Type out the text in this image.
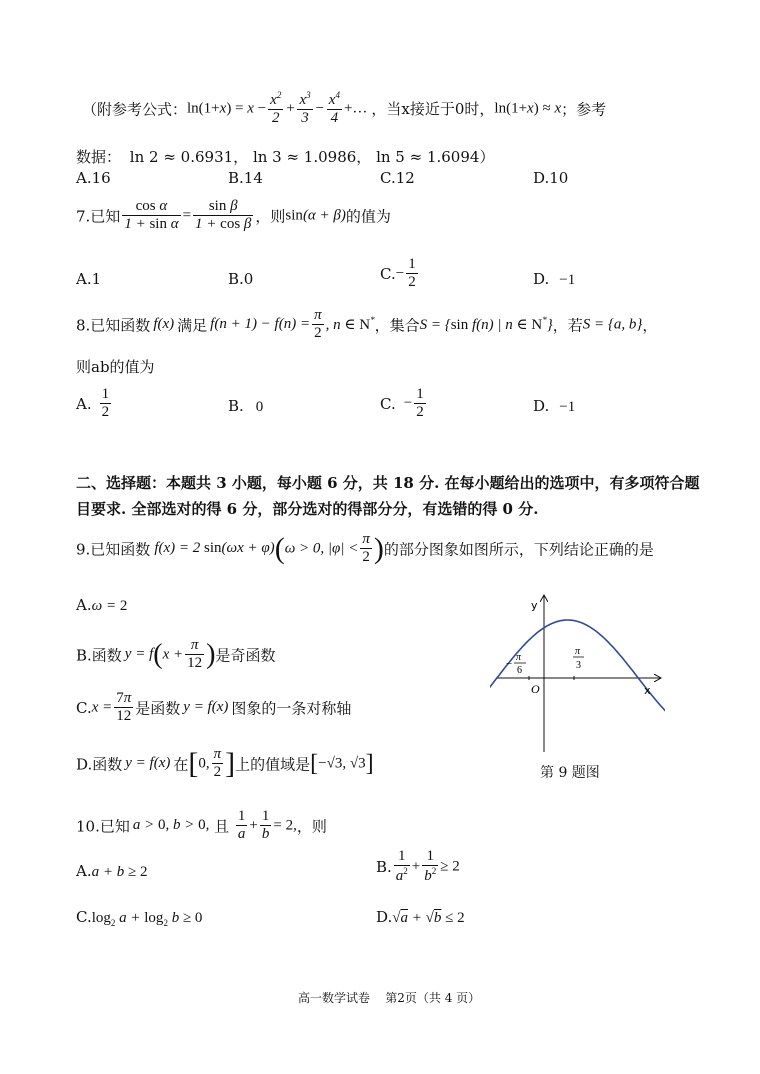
（附参考公式：$\ln(1+x) = x - \frac{x^2}{2} + \frac{x^3}{3} - \frac{x^4}{4}$ +… ，当x接近于0时，ln(1+x) ≈ x；参考
数据： ln 2 ≈ 0.6931， ln 3 ≈ 1.0986， ln 5 ≈ 1.6094）
A.16	B.14	C.12	D.10
7.已知 $\frac{\text{cos α}}{\text{1 + sin α}} = \frac{\text{sin β}}{\text{1 + cos β}}$ ，则sin(α + β)的值为
A.1	B.0	$C.- \frac{1}{2}$	D. −1
8.已知函数 f(x) 满足 $f(n + 1) - f(n) = \frac{\pi}{2}$ , n ∈ N*，集合S = {sin f(n) | n ∈ N*}，若S = {a, b}，
则ab的值为
A. $\frac{1}{2}$	B. 0	C. − $\frac{1}{2}$	D. −1
二、选择题：本题共 3 小题，每小题 6 分，共 18 分. 在每小题给出的选项中，有多项符合题
目要求. 全部选对的得 6 分，部分选对的得部分分，有选错的得 0 分.
9.已知函数 f(x) = 2 sin(ωx + φ)(ω > 0, $|\varphi| < \frac{\pi}{2}$ )的部分图象如图所示，下列结论正确的是
A.ω = 2
B.函数 $y = f(x + \frac{\pi}{12}$ )是奇函数
$C.x = \frac{7\pi}{12}$ 是函数 y = f(x) 图象的一条对称轴
D.函数 y = f(x) 在[0, $\frac{\pi}{2}$ ]上的值域是[−√3, √3]
y
x
O
−
π
6
π
3
第 9 题图
10.已知 a > 0, b > 0, 且 $\frac{1}{a} + \frac{1}{b} = 2$,，则
A.a + b ≥ 2	B. $\frac{1}{a^2} + \frac{1}{b^2} \ge 2$
$C.\log_2$ $a + \log_2 b \ge 0$	D.√a + √b ≤ 2
高一数学试卷    第2页（共 4 页）
